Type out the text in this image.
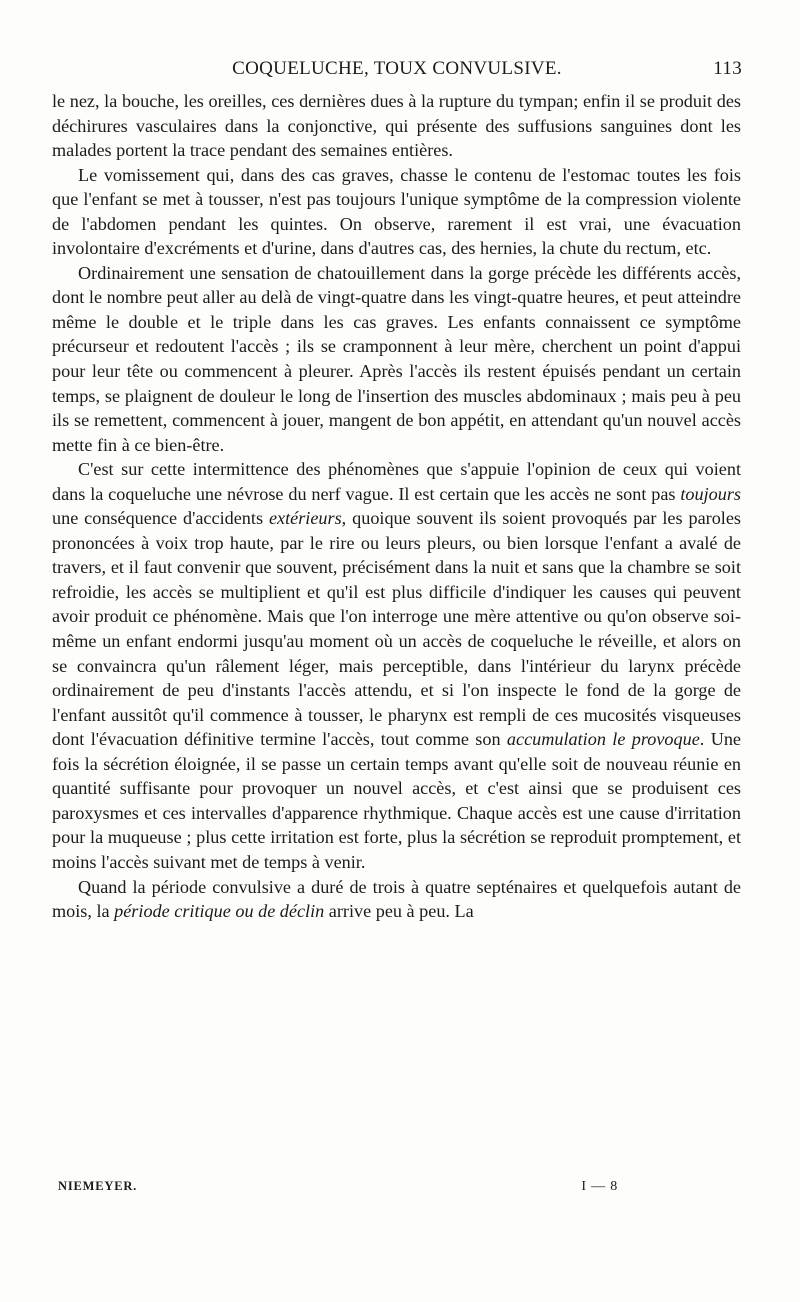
COQUELUCHE, TOUX CONVULSIVE.	113

le nez, la bouche, les oreilles, ces dernières dues à la rupture du tympan; enfin il se produit des déchirures vasculaires dans la conjonctive, qui présente des suffusions sanguines dont les malades portent la trace pendant des semaines entières.

Le vomissement qui, dans des cas graves, chasse le contenu de l'estomac toutes les fois que l'enfant se met à tousser, n'est pas toujours l'unique symptôme de la compression violente de l'abdomen pendant les quintes. On observe, rarement il est vrai, une évacuation involontaire d'excréments et d'urine, dans d'autres cas, des hernies, la chute du rectum, etc.

Ordinairement une sensation de chatouillement dans la gorge précède les différents accès, dont le nombre peut aller au delà de vingt-quatre dans les vingt-quatre heures, et peut atteindre même le double et le triple dans les cas graves. Les enfants connaissent ce symptôme précurseur et redoutent l'accès ; ils se cramponnent à leur mère, cherchent un point d'appui pour leur tête ou commencent à pleurer. Après l'accès ils restent épuisés pendant un certain temps, se plaignent de douleur le long de l'insertion des muscles abdominaux ; mais peu à peu ils se remettent, commencent à jouer, mangent de bon appétit, en attendant qu'un nouvel accès mette fin à ce bien-être.

C'est sur cette intermittence des phénomènes que s'appuie l'opinion de ceux qui voient dans la coqueluche une névrose du nerf vague. Il est certain que les accès ne sont pas toujours une conséquence d'accidents extérieurs, quoique souvent ils soient provoqués par les paroles prononcées à voix trop haute, par le rire ou leurs pleurs, ou bien lorsque l'enfant a avalé de travers, et il faut convenir que souvent, précisément dans la nuit et sans que la chambre se soit refroidie, les accès se multiplient et qu'il est plus difficile d'indiquer les causes qui peuvent avoir produit ce phénomène. Mais que l'on interroge une mère attentive ou qu'on observe soi-même un enfant endormi jusqu'au moment où un accès de coqueluche le réveille, et alors on se convaincra qu'un râlement léger, mais perceptible, dans l'intérieur du larynx précède ordinairement de peu d'instants l'accès attendu, et si l'on inspecte le fond de la gorge de l'enfant aussitôt qu'il commence à tousser, le pharynx est rempli de ces mucosités visqueuses dont l'évacuation définitive termine l'accès, tout comme son accumulation le provoque. Une fois la sécrétion éloignée, il se passe un certain temps avant qu'elle soit de nouveau réunie en quantité suffisante pour provoquer un nouvel accès, et c'est ainsi que se produisent ces paroxysmes et ces intervalles d'apparence rhythmique. Chaque accès est une cause d'irritation pour la muqueuse ; plus cette irritation est forte, plus la sécrétion se reproduit promptement, et moins l'accès suivant met de temps à venir.

Quand la période convulsive a duré de trois à quatre septénaires et quelquefois autant de mois, la période critique ou de déclin arrive peu à peu. La

NIEMEYER.	I — 8
